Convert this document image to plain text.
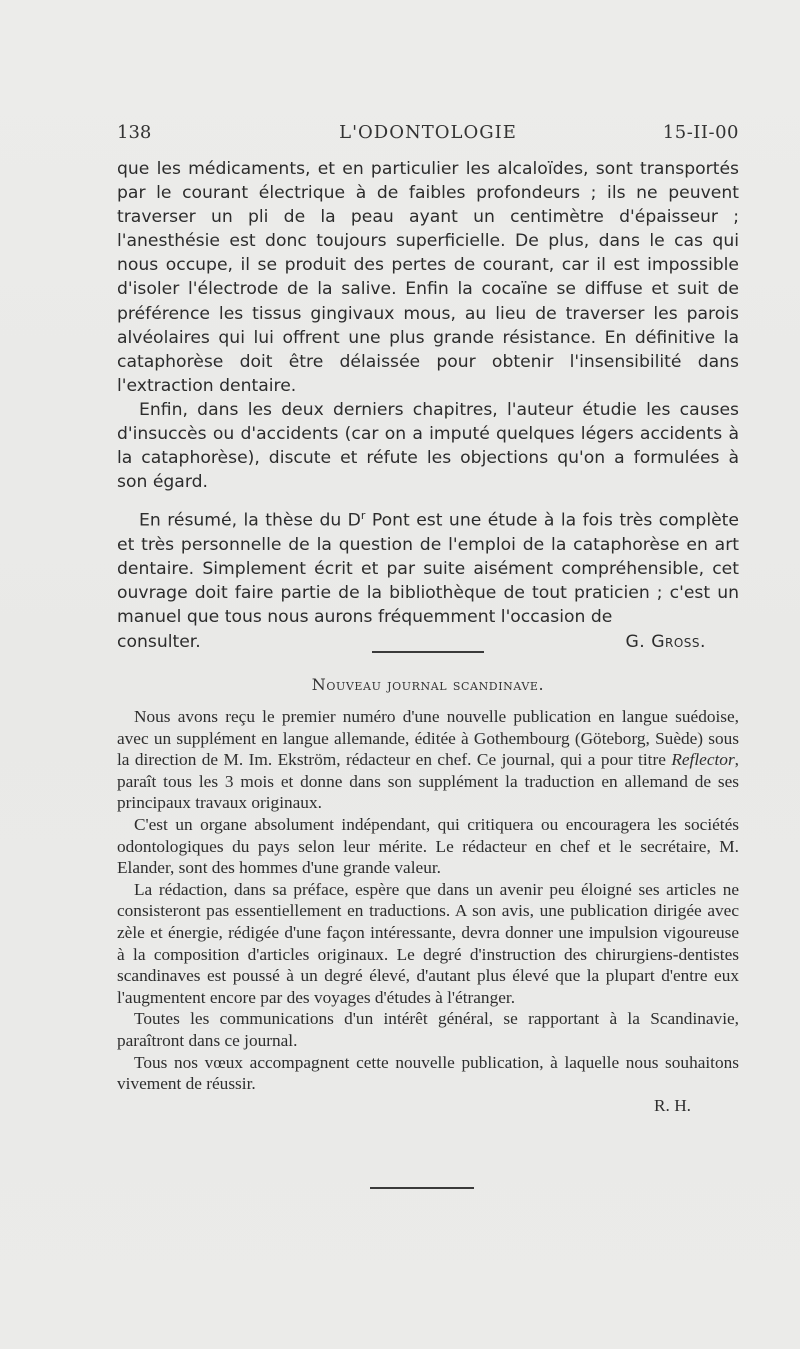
138	L'ODONTOLOGIE	15-II-00

que les médicaments, et en particulier les alcaloïdes, sont transportés par le courant électrique à de faibles profondeurs ; ils ne peuvent traverser un pli de la peau ayant un centimètre d'épaisseur ; l'anesthésie est donc toujours superficielle. De plus, dans le cas qui nous occupe, il se produit des pertes de courant, car il est impossible d'isoler l'électrode de la salive. Enfin la cocaïne se diffuse et suit de préférence les tissus gingivaux mous, au lieu de traverser les parois alvéolaires qui lui offrent une plus grande résistance. En définitive la cataphorèse doit être délaissée pour obtenir l'insensibilité dans l'extraction dentaire.

Enfin, dans les deux derniers chapitres, l'auteur étudie les causes d'insuccès ou d'accidents (car on a imputé quelques légers accidents à la cataphorèse), discute et réfute les objections qu'on a formulées à son égard.

En résumé, la thèse du $D^r$ Pont est une étude à la fois très complète et très personnelle de la question de l'emploi de la cataphorèse en art dentaire. Simplement écrit et par suite aisément compréhensible, cet ouvrage doit faire partie de la bibliothèque de tout praticien ; c'est un manuel que tous nous aurons fréquemment l'occasion de

consulter.	G. Gross.
Nouveau journal scandinave.

Nous avons reçu le premier numéro d'une nouvelle publication en langue suédoise, avec un supplément en langue allemande, éditée à Gothembourg (Göteborg, Suède) sous la direction de M. Im. Ekström, rédacteur en chef. Ce journal, qui a pour titre Reflector, paraît tous les 3 mois et donne dans son supplément la traduction en allemand de ses principaux travaux originaux.

C'est un organe absolument indépendant, qui critiquera ou encouragera les sociétés odontologiques du pays selon leur mérite. Le rédacteur en chef et le secrétaire, M. Elander, sont des hommes d'une grande valeur.

La rédaction, dans sa préface, espère que dans un avenir peu éloigné ses articles ne consisteront pas essentiellement en traductions. A son avis, une publication dirigée avec zèle et énergie, rédigée d'une façon intéressante, devra donner une impulsion vigoureuse à la composition d'articles originaux. Le degré d'instruction des chirurgiens-dentistes scandinaves est poussé à un degré élevé, d'autant plus élevé que la plupart d'entre eux l'augmentent encore par des voyages d'études à l'étranger.

Toutes les communications d'un intérêt général, se rapportant à la Scandinavie, paraîtront dans ce journal.

Tous nos vœux accompagnent cette nouvelle publication, à laquelle nous souhaitons vivement de réussir.

R. H.
